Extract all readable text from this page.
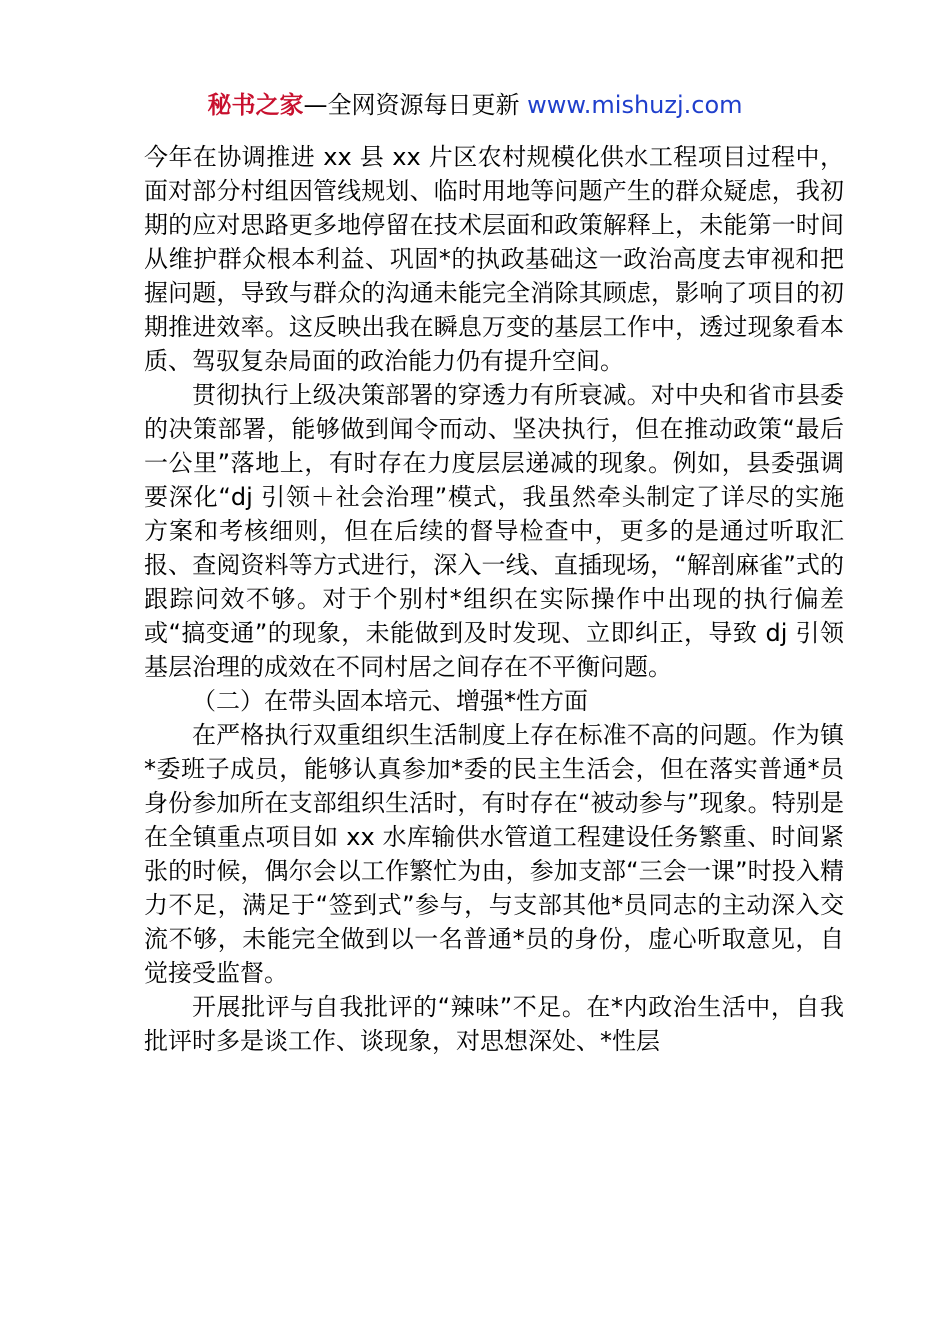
秘书之家—全网资源每日更新 www.mishuzj.com

今年在协调推进 xx 县 xx 片区农村规模化供水工程项目过程中，面对部分村组因管线规划、临时用地等问题产生的群众疑虑，我初期的应对思路更多地停留在技术层面和政策解释上，未能第一时间从维护群众根本利益、巩固*的执政基础这一政治高度去审视和把握问题，导致与群众的沟通未能完全消除其顾虑，影响了项目的初期推进效率。这反映出我在瞬息万变的基层工作中，透过现象看本质、驾驭复杂局面的政治能力仍有提升空间。

贯彻执行上级决策部署的穿透力有所衰减。对中央和省市县委的决策部署，能够做到闻令而动、坚决执行，但在推动政策“最后一公里”落地上，有时存在力度层层递减的现象。例如，县委强调要深化“dj 引领＋社会治理”模式，我虽然牵头制定了详尽的实施方案和考核细则，但在后续的督导检查中，更多的是通过听取汇报、查阅资料等方式进行，深入一线、直插现场，“解剖麻雀”式的跟踪问效不够。对于个别村*组织在实际操作中出现的执行偏差或“搞变通”的现象，未能做到及时发现、立即纠正，导致 dj 引领基层治理的成效在不同村居之间存在不平衡问题。

（二）在带头固本培元、增强*性方面

在严格执行双重组织生活制度上存在标准不高的问题。作为镇*委班子成员，能够认真参加*委的民主生活会，但在落实普通*员身份参加所在支部组织生活时，有时存在“被动参与”现象。特别是在全镇重点项目如 xx 水库输供水管道工程建设任务繁重、时间紧张的时候，偶尔会以工作繁忙为由，参加支部“三会一课”时投入精力不足，满足于“签到式”参与，与支部其他*员同志的主动深入交流不够，未能完全做到以一名普通*员的身份，虚心听取意见，自觉接受监督。

开展批评与自我批评的“辣味”不足。在*内政治生活中，自我批评时多是谈工作、谈现象，对思想深处、*性层
